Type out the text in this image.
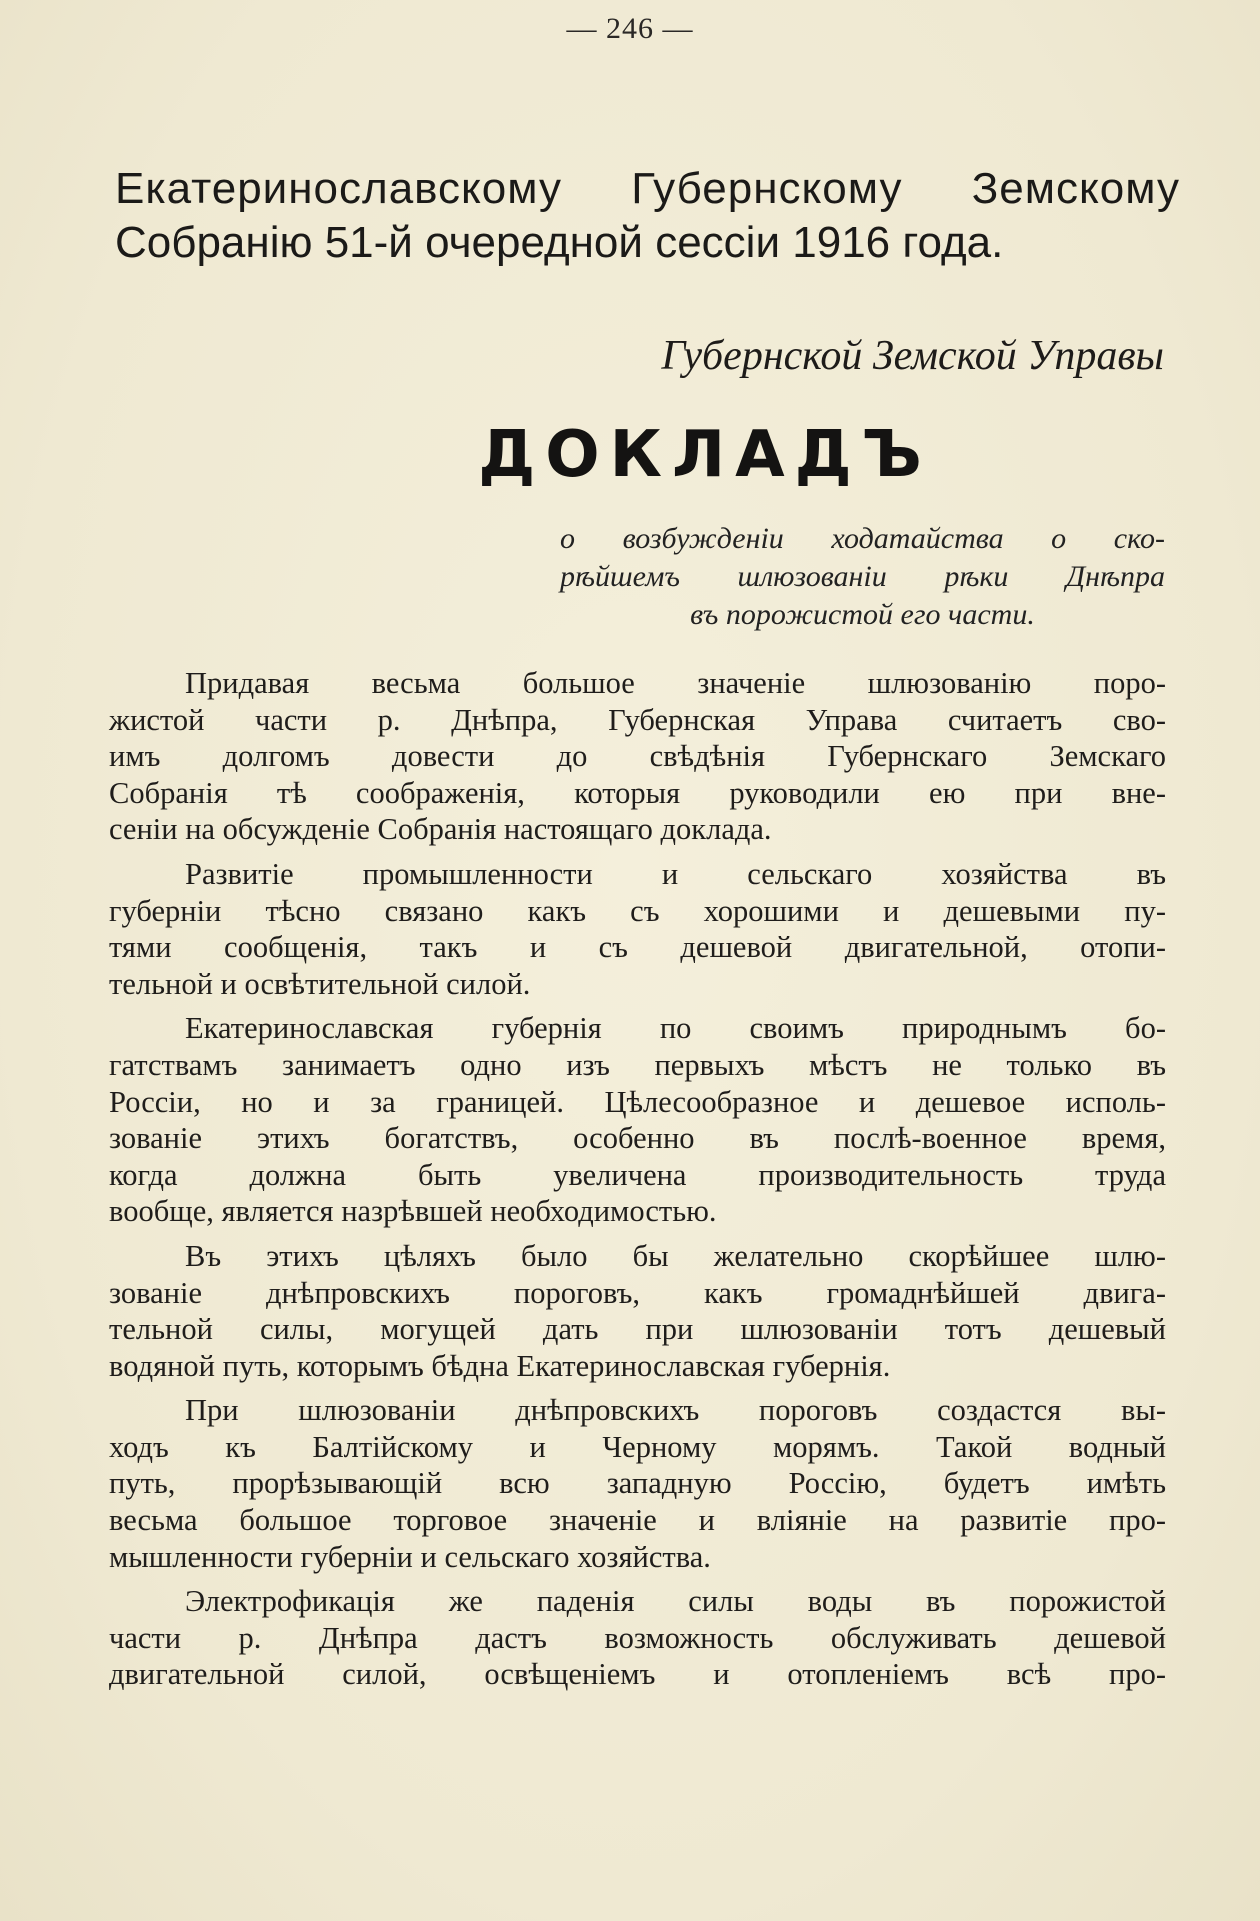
— 246 —
Екатеринославскому Губернскому Земскому
Собранію 51-й очередной сессіи 1916 года.
Губернской Земской Управы
ДОКЛАДЪ
о возбужденіи ходатайства о ско-
рѣйшемъ шлюзованіи рѣки Днѣпра
въ порожистой его части.

Придавая весьма большое значеніе шлюзованію поро-
жистой части р. Днѣпра, Губернская Управа считаетъ сво-
имъ долгомъ довести до свѣдѣнія Губернскаго Земскаго
Собранія тѣ соображенія, которыя руководили ею при вне-
сеніи на обсужденіе Собранія настоящаго доклада.

Развитіе промышленности и сельскаго хозяйства въ
губерніи тѣсно связано какъ съ хорошими и дешевыми пу-
тями сообщенія, такъ и съ дешевой двигательной, отопи-
тельной и освѣтительной силой.

Екатеринославская губернія по своимъ природнымъ бо-
гатствамъ занимаетъ одно изъ первыхъ мѣстъ не только въ
Россіи, но и за границей. Цѣлесообразное и дешевое исполь-
зованіе этихъ богатствъ, особенно въ послѣ-военное время,
когда должна быть увеличена производительность труда
вообще, является назрѣвшей необходимостью.

Въ этихъ цѣляхъ было бы желательно скорѣйшее шлю-
зованіе днѣпровскихъ пороговъ, какъ громаднѣйшей двига-
тельной силы, могущей дать при шлюзованіи тотъ дешевый
водяной путь, которымъ бѣдна Екатеринославская губернія.

При шлюзованіи днѣпровскихъ пороговъ создастся вы-
ходъ къ Балтійскому и Черному морямъ. Такой водный
путь, прорѣзывающій всю западную Россію, будетъ имѣть
весьма большое торговое значеніе и вліяніе на развитіе про-
мышленности губерніи и сельскаго хозяйства.

Электрофикація же паденія силы воды въ порожистой
части р. Днѣпра дастъ возможность обслуживать дешевой
двигательной силой, освѣщеніемъ и отопленіемъ всѣ про-
